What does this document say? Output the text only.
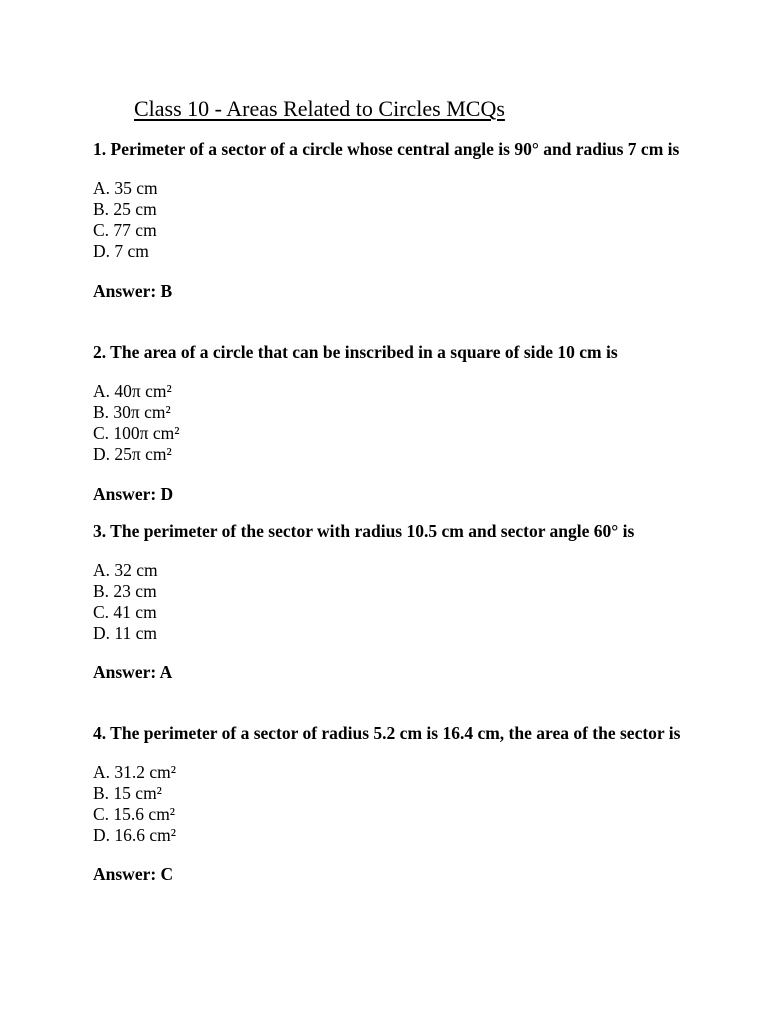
Class 10 - Areas Related to Circles MCQs

1. Perimeter of a sector of a circle whose central angle is 90° and radius 7 cm is

A. 35 cm
B. 25 cm
C. 77 cm
D. 7 cm

Answer: B

2. The area of a circle that can be inscribed in a square of side 10 cm is

A. 40π cm²
B. 30π cm²
C. 100π cm²
D. 25π cm²

Answer: D

3. The perimeter of the sector with radius 10.5 cm and sector angle 60° is

A. 32 cm
B. 23 cm
C. 41 cm
D. 11 cm

Answer: A

4. The perimeter of a sector of radius 5.2 cm is 16.4 cm, the area of the sector is

A. 31.2 cm²
B. 15 cm²
C. 15.6 cm²
D. 16.6 cm²

Answer: C
